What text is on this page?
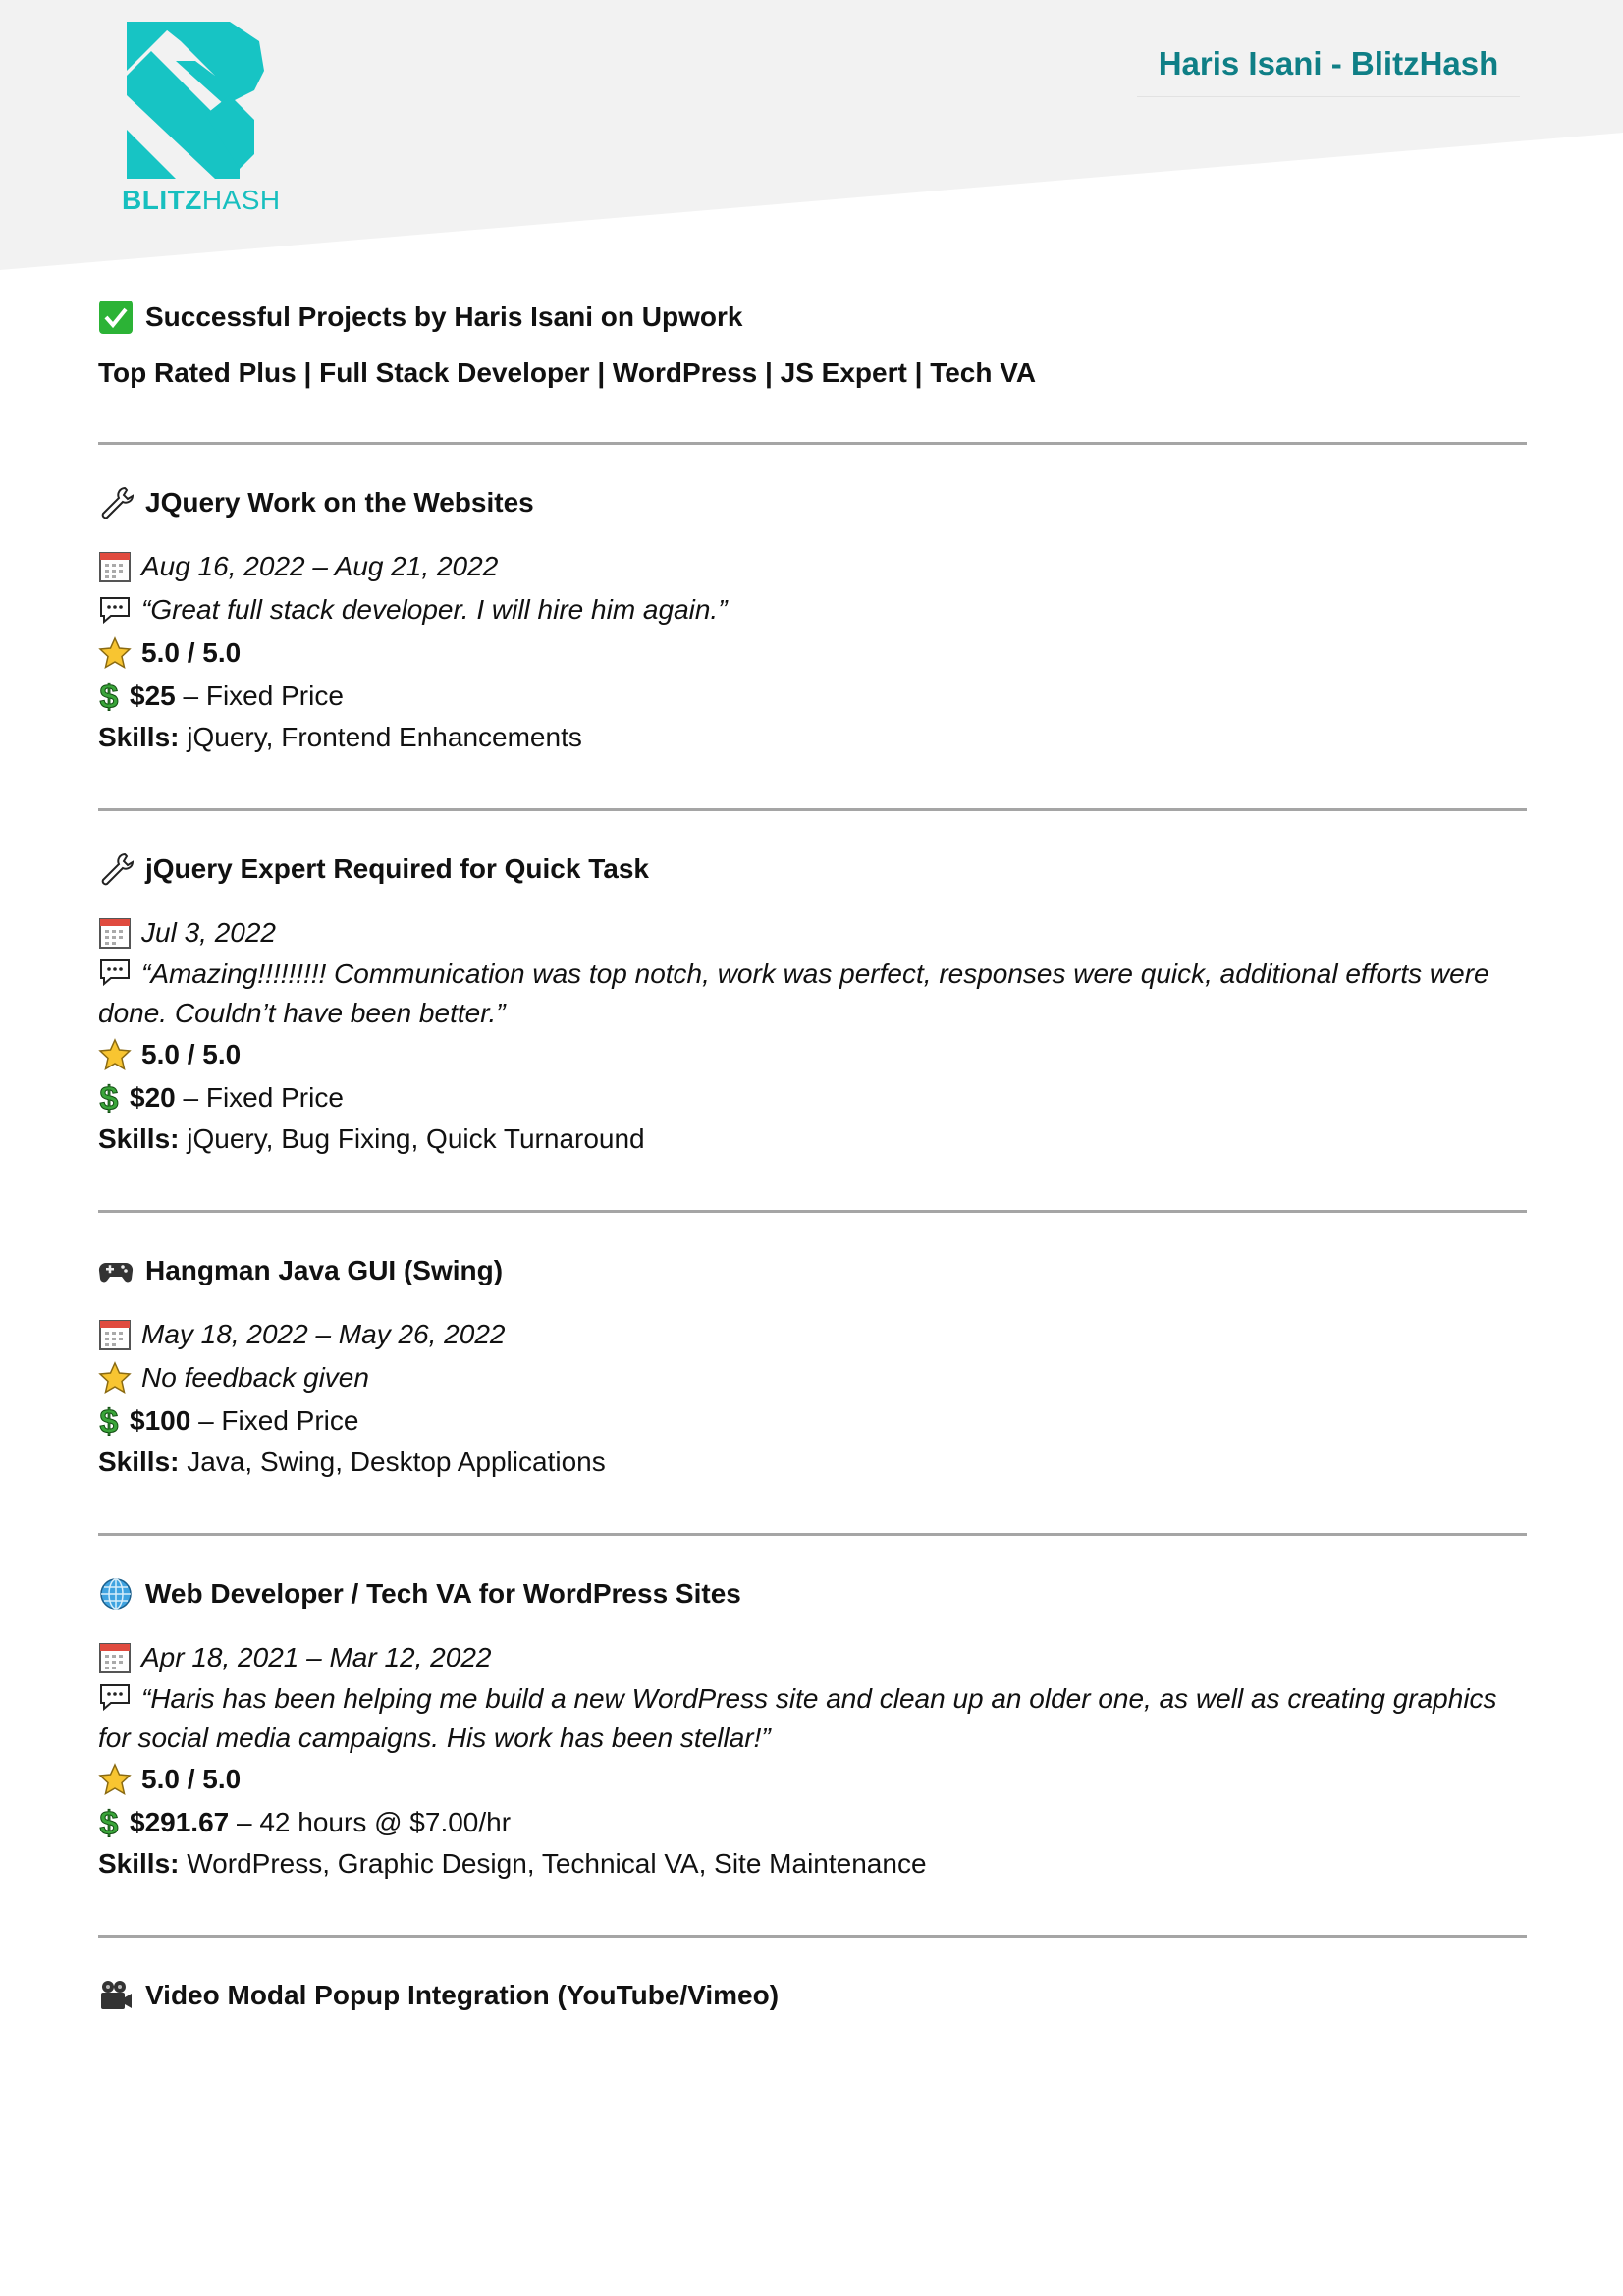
BLITZHASH
Haris Isani - BlitzHash
Successful Projects by Haris Isani on Upwork
Top Rated Plus | Full Stack Developer | WordPress | JS Expert | Tech VA
JQuery Work on the Websites
Aug 16, 2022 – Aug 21, 2022
“Great full stack developer. I will hire him again.”
5.0 / 5.0
$ $25 – Fixed Price
Skills: jQuery, Frontend Enhancements
jQuery Expert Required for Quick Task
Jul 3, 2022
“Amazing!!!!!!!!! Communication was top notch, work was perfect, responses were quick, additional efforts were done. Couldn’t have been better.”
5.0 / 5.0
$ $20 – Fixed Price
Skills: jQuery, Bug Fixing, Quick Turnaround
Hangman Java GUI (Swing)
May 18, 2022 – May 26, 2022
No feedback given
$ $100 – Fixed Price
Skills: Java, Swing, Desktop Applications
Web Developer / Tech VA for WordPress Sites
Apr 18, 2021 – Mar 12, 2022
“Haris has been helping me build a new WordPress site and clean up an older one, as well as creating graphics for social media campaigns. His work has been stellar!”
5.0 / 5.0
$ $291.67 – 42 hours @ $7.00/hr
Skills: WordPress, Graphic Design, Technical VA, Site Maintenance
Video Modal Popup Integration (YouTube/Vimeo)
